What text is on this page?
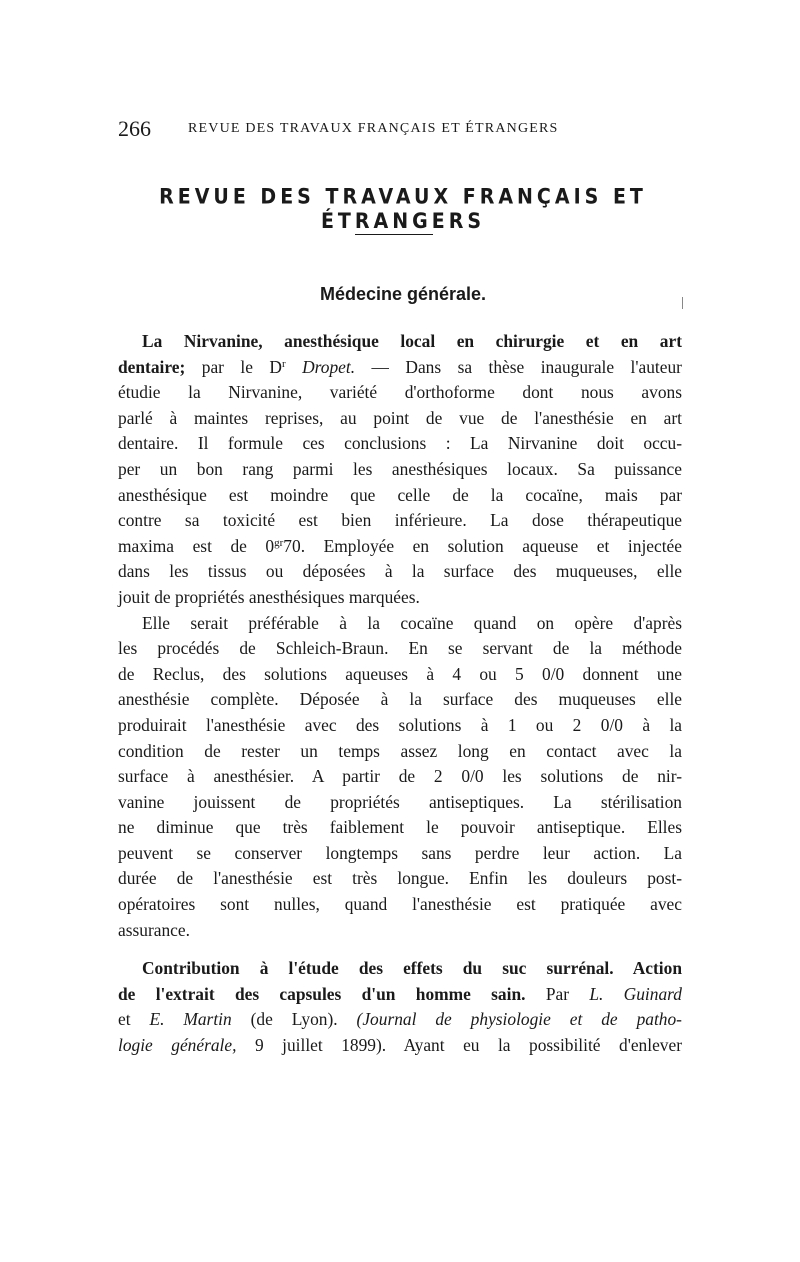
266	REVUE DES TRAVAUX FRANÇAIS ET ÉTRANGERS
REVUE DES TRAVAUX FRANÇAIS ET ÉTRANGERS
Médecine générale.
La Nirvanine, anesthésique local en chirurgie et en art
dentaire; par le $D^r$ Dropet. — Dans sa thèse inaugurale l'auteur
étudie la Nirvanine, variété d'orthoforme dont nous avons
parlé à maintes reprises, au point de vue de l'anesthésie en art
dentaire. Il formule ces conclusions : La Nirvanine doit occu-
per un bon rang parmi les anesthésiques locaux. Sa puissance
anesthésique est moindre que celle de la cocaïne, mais par
contre sa toxicité est bien inférieure. La dose thérapeutique
maxima est de $0^{gr}70$. Employée en solution aqueuse et injectée
dans les tissus ou déposées à la surface des muqueuses, elle
jouit de propriétés anesthésiques marquées.
Elle serait préférable à la cocaïne quand on opère d'après
les procédés de Schleich-Braun. En se servant de la méthode
de Reclus, des solutions aqueuses à 4 ou 5 0/0 donnent une
anesthésie complète. Déposée à la surface des muqueuses elle
produirait l'anesthésie avec des solutions à 1 ou 2 0/0 à la
condition de rester un temps assez long en contact avec la
surface à anesthésier. A partir de 2 0/0 les solutions de nir-
vanine jouissent de propriétés antiseptiques. La stérilisation
ne diminue que très faiblement le pouvoir antiseptique. Elles
peuvent se conserver longtemps sans perdre leur action. La
durée de l'anesthésie est très longue. Enfin les douleurs post-
opératoires sont nulles, quand l'anesthésie est pratiquée avec
assurance.
Contribution à l'étude des effets du suc surrénal. Action
de l'extrait des capsules d'un homme sain. Par L. Guinard
et E. Martin (de Lyon). (Journal de physiologie et de patho-
logie générale, 9 juillet 1899). Ayant eu la possibilité d'enlever
